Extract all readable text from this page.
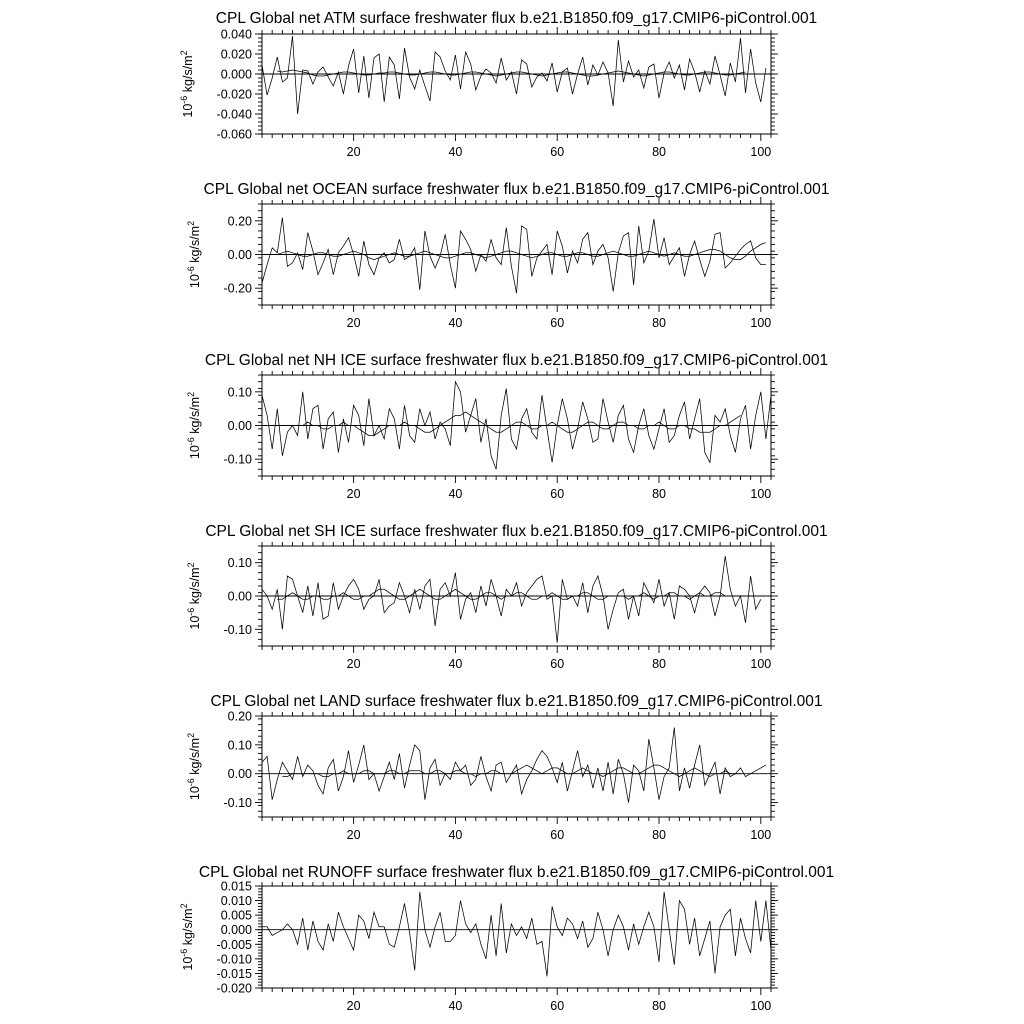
CPL Global net ATM surface freshwater flux b.e21.B1850.f09_g17.CMIP6-piControl.001
20	40	60	80	100
0.040
0.020
0.000
-0.020
-0.040
-0.060
$10^{-6}$ $kg/s/m^2$
CPL Global net OCEAN surface freshwater flux b.e21.B1850.f09_g17.CMIP6-piControl.001
20	40	60	80	100
0.20
0.00
-0.20
$10^{-6}$ $kg/s/m^2$
CPL Global net NH ICE surface freshwater flux b.e21.B1850.f09_g17.CMIP6-piControl.001
20	40	60	80	100
0.10
0.00
-0.10
$10^{-6}$ $kg/s/m^2$
CPL Global net SH ICE surface freshwater flux b.e21.B1850.f09_g17.CMIP6-piControl.001
20	40	60	80	100
0.10
0.00
-0.10
$10^{-6}$ $kg/s/m^2$
CPL Global net LAND surface freshwater flux b.e21.B1850.f09_g17.CMIP6-piControl.001
20	40	60	80	100
0.20
0.10
0.00
-0.10
$10^{-6}$ $kg/s/m^2$
CPL Global net RUNOFF surface freshwater flux b.e21.B1850.f09_g17.CMIP6-piControl.001
20	40	60	80	100
0.015
0.010
0.005
0.000
-0.005
-0.010
-0.015
-0.020
$10^{-6}$ $kg/s/m^2$
